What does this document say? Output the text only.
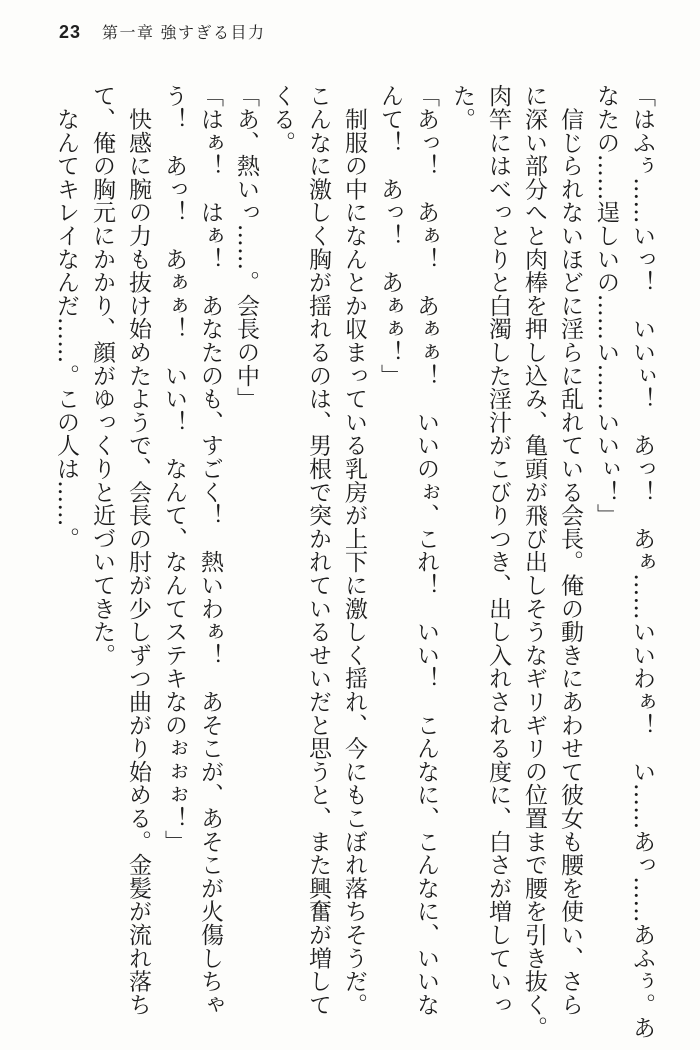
23 第一章 強すぎる目力
「はふぅ……いっ！　いいぃ！　あっ！　あぁ……いいわぁ！　い……あっ……あふぅ。あ
なたの……逞しいの……い……いいぃ！」
　信じられないほどに淫らに乱れている会長。俺の動きにあわせて彼女も腰を使い、さら
に深い部分へと肉棒を押し込み、亀頭が飛び出しそうなギリギリの位置まで腰を引き抜く。
肉竿にはべっとりと白濁した淫汁がこびりつき、出し入れされる度に、白さが増していっ
た。
「あっ！　あぁ！　あぁぁ！　いいのぉ、これ！　いい！　こんなに、こんなに、いいな
んて！　あっ！　あぁぁ！」
　制服の中になんとか収まっている乳房が上下に激しく揺れ、今にもこぼれ落ちそうだ。
こんなに激しく胸が揺れるのは、男根で突かれているせいだと思うと、また興奮が増して
くる。
「あ、熱いっ……。会長の中」
「はぁ！　はぁ！　あなたのも、すごく！　熱いわぁ！　あそこが、あそこが火傷しちゃ
う！　あっ！　あぁぁ！　いい！　なんて、なんてステキなのぉぉぉ！」
　快感に腕の力も抜け始めたようで、会長の肘が少しずつ曲がり始める。金髪が流れ落ち
て、俺の胸元にかかり、顔がゆっくりと近づいてきた。
　なんてキレイなんだ……。この人は……。
